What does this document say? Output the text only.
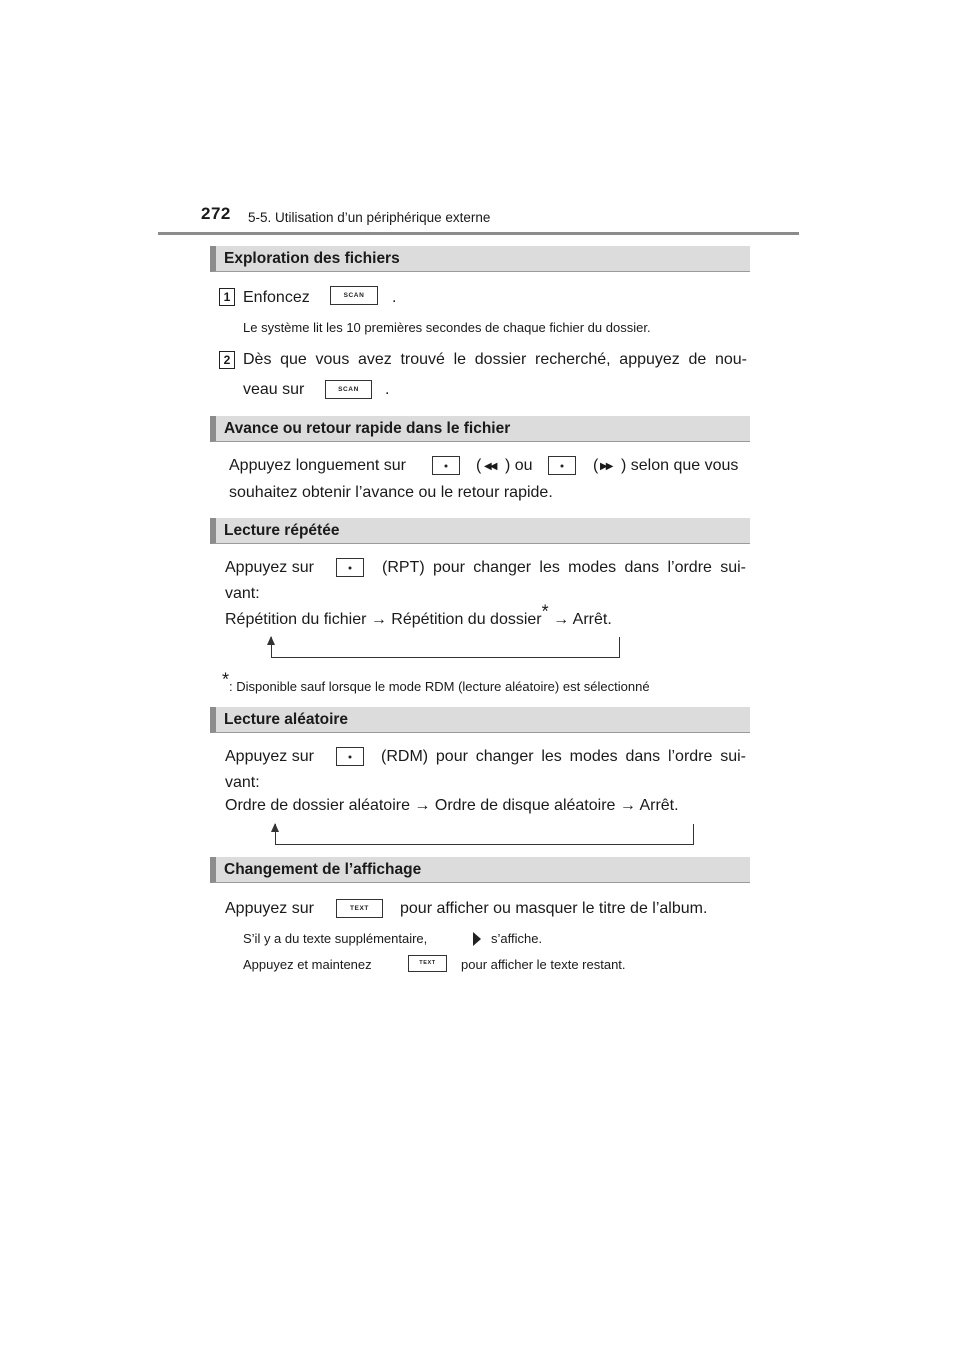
272 5-5. Utilisation d’un périphérique externe
Exploration des fichiers
1 Enfoncez	SCAN	.
Le système lit les 10 premières secondes de chaque fichier du dossier.
2 Dès que vous avez trouvé le dossier recherché, appuyez de nou-
veau sur	SCAN	.
Avance ou retour rapide dans le fichier
Appuyez longuement sur	( ◀◀ ) ou	( ▶▶ ) selon que vous
souhaitez obtenir l’avance ou le retour rapide.
Lecture répétée
Appuyez sur	(RPT) pour changer les modes dans l’ordre sui-
vant:
Répétition du fichier → Répétition du dossier* → Arrêt.
*: Disponible sauf lorsque le mode RDM (lecture aléatoire) est sélectionné
Lecture aléatoire
Appuyez sur	(RDM) pour changer les modes dans l’ordre sui-
vant:
Ordre de dossier aléatoire → Ordre de disque aléatoire → Arrêt.
Changement de l’affichage
Appuyez sur	TEXT	pour afficher ou masquer le titre de l’album.
S’il y a du texte supplémentaire,	s’affiche.
Appuyez et maintenez	TEXT	pour afficher le texte restant.
